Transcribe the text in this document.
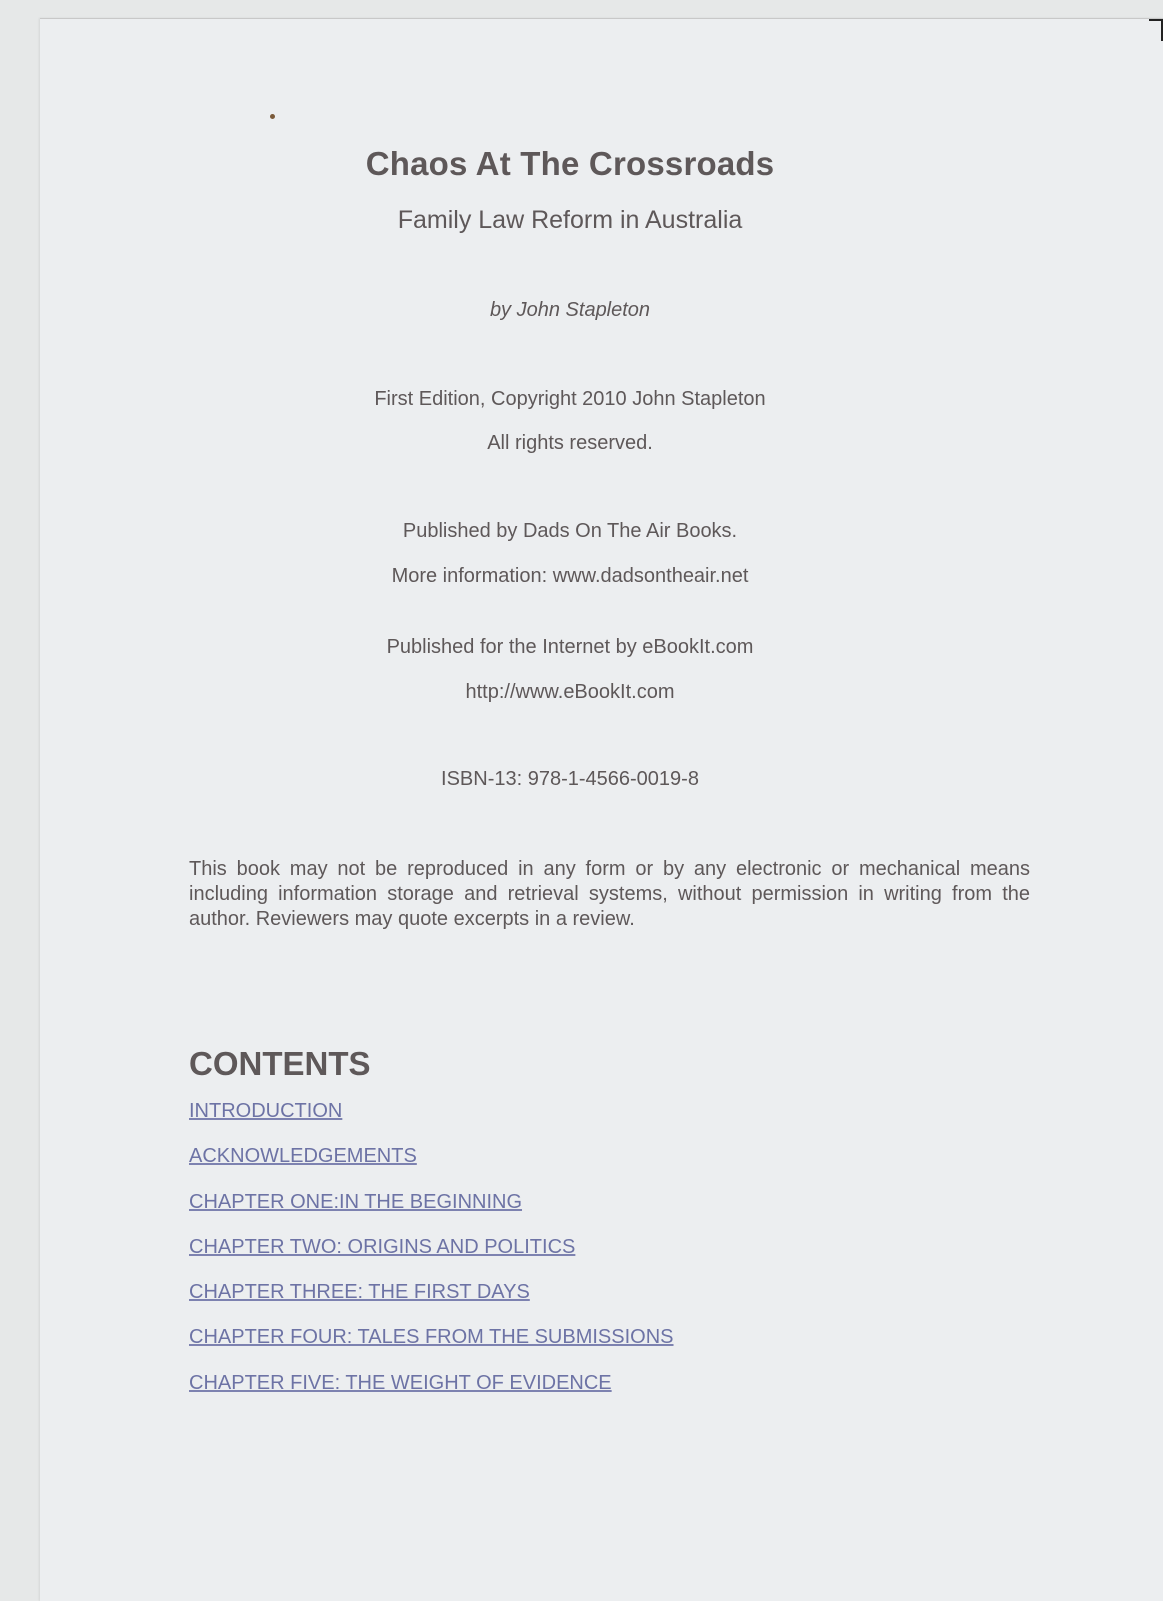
Chaos At The Crossroads
Family Law Reform in Australia
by John Stapleton
First Edition, Copyright 2010 John Stapleton
All rights reserved.
Published by Dads On The Air Books.
More information: www.dadsontheair.net
Published for the Internet by eBookIt.com
http://www.eBookIt.com
ISBN-13: 978-1-4566-0019-8
This book may not be reproduced in any form or by any electronic or mechanical means including information storage and retrieval systems, without permission in writing from the author. Reviewers may quote excerpts in a review.
CONTENTS
INTRODUCTION
ACKNOWLEDGEMENTS
CHAPTER ONE:IN THE BEGINNING
CHAPTER TWO: ORIGINS AND POLITICS
CHAPTER THREE: THE FIRST DAYS
CHAPTER FOUR: TALES FROM THE SUBMISSIONS
CHAPTER FIVE: THE WEIGHT OF EVIDENCE
